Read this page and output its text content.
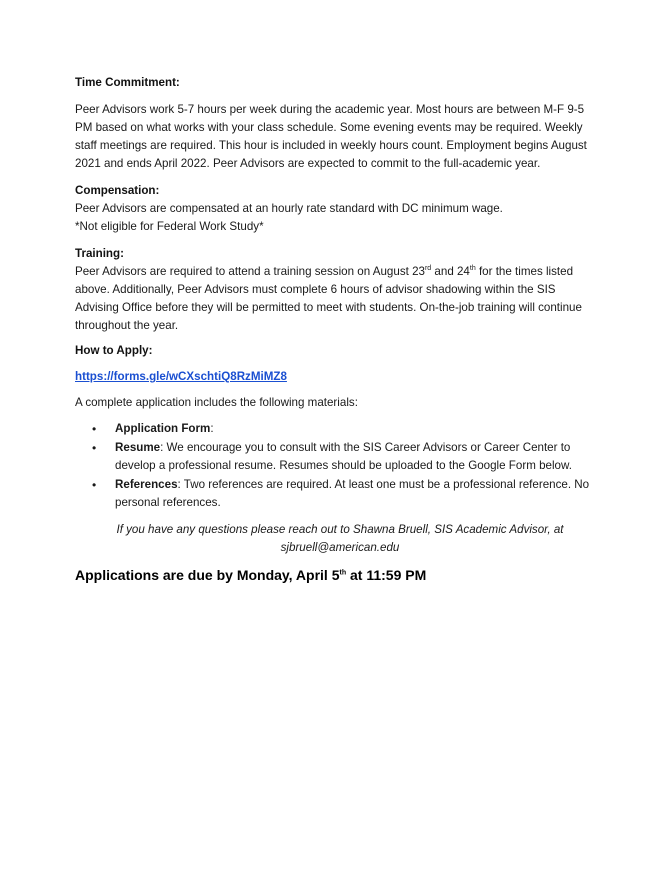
Time Commitment:

Peer Advisors work 5-7 hours per week during the academic year. Most hours are between M-F 9-5 PM based on what works with your class schedule. Some evening events may be required. Weekly staff meetings are required. This hour is included in weekly hours count. Employment begins August 2021 and ends April 2022. Peer Advisors are expected to commit to the full-academic year.

Compensation:

Peer Advisors are compensated at an hourly rate standard with DC minimum wage.

*Not eligible for Federal Work Study*

Training:

Peer Advisors are required to attend a training session on August 23rd and 24th for the times listed above. Additionally, Peer Advisors must complete 6 hours of advisor shadowing within the SIS Advising Office before they will be permitted to meet with students. On-the-job training will continue throughout the year.

How to Apply:

https://forms.gle/wCXschtiQ8RzMiMZ8

A complete application includes the following materials:

• Application Form:
• Resume: We encourage you to consult with the SIS Career Advisors or Career Center to develop a professional resume. Resumes should be uploaded to the Google Form below.
• References: Two references are required. At least one must be a professional reference. No personal references.

If you have any questions please reach out to Shawna Bruell, SIS Academic Advisor, at sjbruell@american.edu

Applications are due by Monday, April 5th at 11:59 PM
